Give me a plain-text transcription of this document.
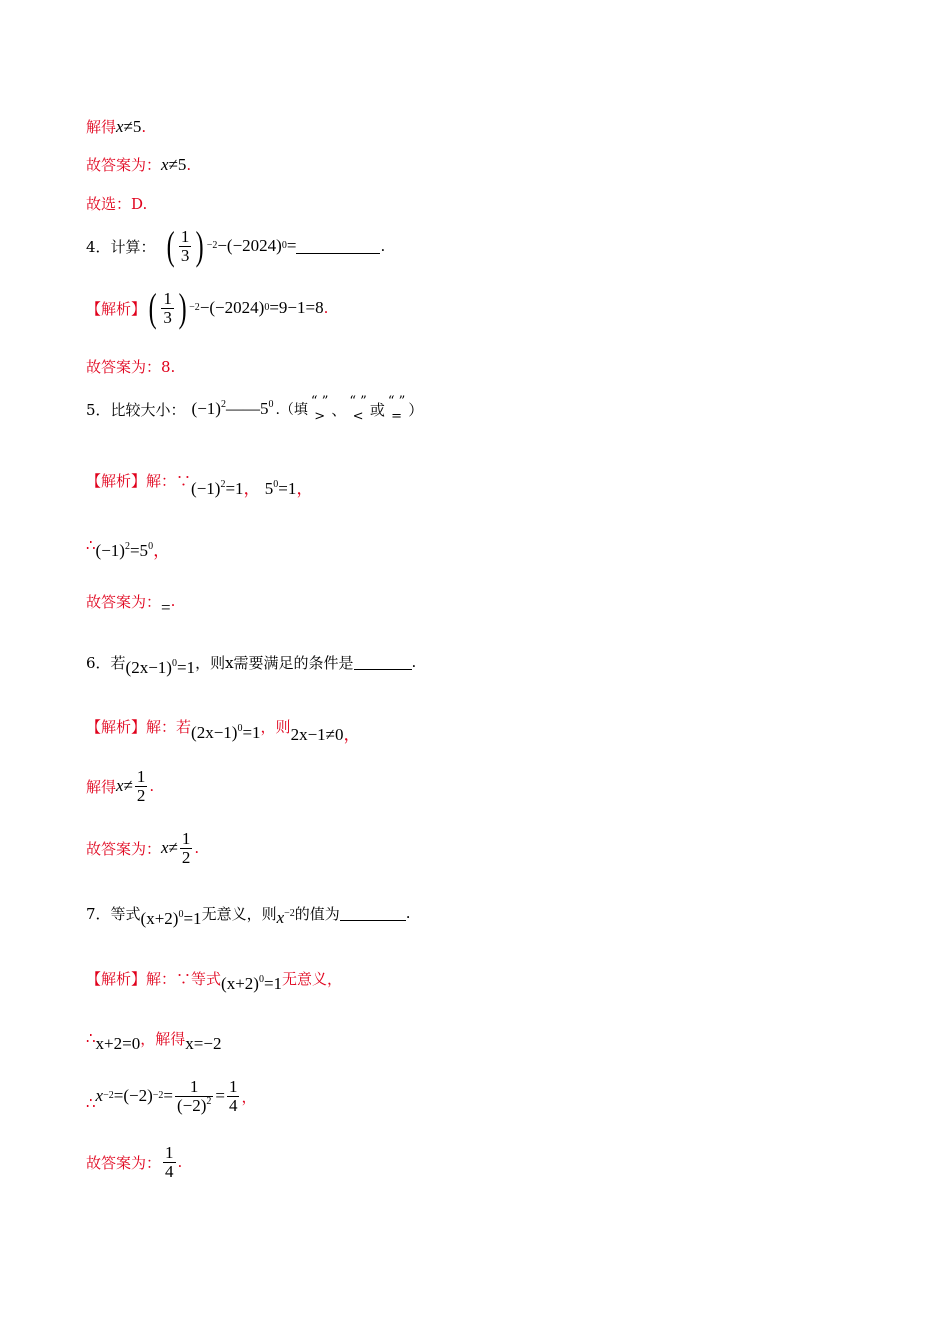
解得 x ≠5 .
故答案为： x ≠5 .
故选：D.
4．计算： ( $\frac{1}{3}$ ) −2 −(−2024) 0 =	.
【解析】 ( $\frac{1}{3}$ ) −2 −(−2024) 0 =9−1=8 .
故答案为：8.
5．比较大小： $(-1)^2——5^0$ .（填
“ ”
> 、 “ ”
< 或 “ ”
= ）
【解析】 解：∵ $(-1)^2=1$， $5^0=1$，
∴ $(-1)^2=5^0$，
故答案为： = .
6．若 $(2x-1)^0=1$ ，则x需要满足的条件是	.
【解析】 解：若 $(2x-1)^0=1$ ，则 2x−1≠0，
解得 $x \ne \frac{1}{2}$ .
故答案为： $x \ne \frac{1}{2}$ .
7．等式 $(x+2)^0=1$ 无意义，则 $x^{-2}$ 的值为	.
【解析】 解：∵等式 $(x+2)^0=1$ 无意义，
∴ x+2=0 ， 解得 x=−2
∴ $x -2 =(-2) -2 = \frac{1}{(-2)^2} = \frac{1}{4}$ ，
故答案为： $\frac{1}{4}$ .
